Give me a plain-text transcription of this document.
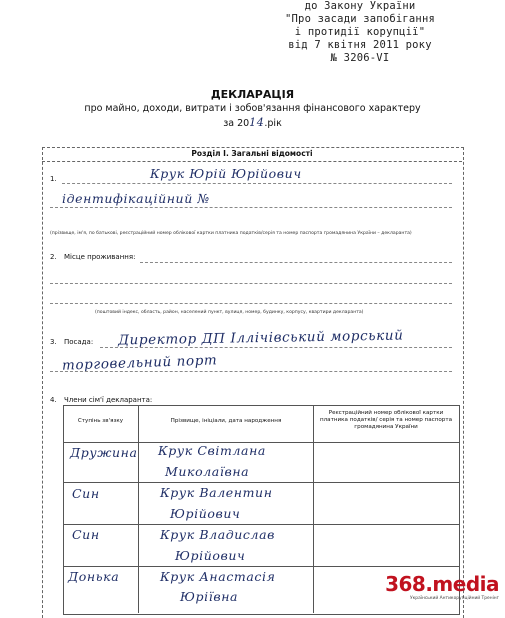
до Закону України
"Про засади запобігання
і протидії корупції"
від 7 квітня 2011 року
№ 3206-VI
ДЕКЛАРАЦІЯ
про майно, доходи, витрати і зобов'язання фінансового характеру
за 2014.рік
Розділ І. Загальні відомості
1.	Крук Юрій Юрійович
ідентифікаційний №
(прізвище, ім'я, по батькові, реєстраційний номер облікової картки платника податків/серія та номер паспорта громадянина України – декларанта)
2. Місце проживання:
(поштовий індекс, область, район, населений пункт, вулиця, номер, будинку, корпусу, квартири декларанта)
3. Посада: Директор ДП Іллічівський морський
торговельний порт
4. Члени сім'ї декларанта:
Ступінь зв'язку	Прізвище, ініціали, дата народження
Реєстраційний номер облікової картки платника податків/ серія та номер паспорта громадянина України
Дружина Крук Світлана
Миколаївна
Син	Крук Валентин
Юрійович
Син	Крук Владислав
Юрійович
Донька	Крук Анастасія
Юріївна
368.media
Український Антикорупційний Тренінг
